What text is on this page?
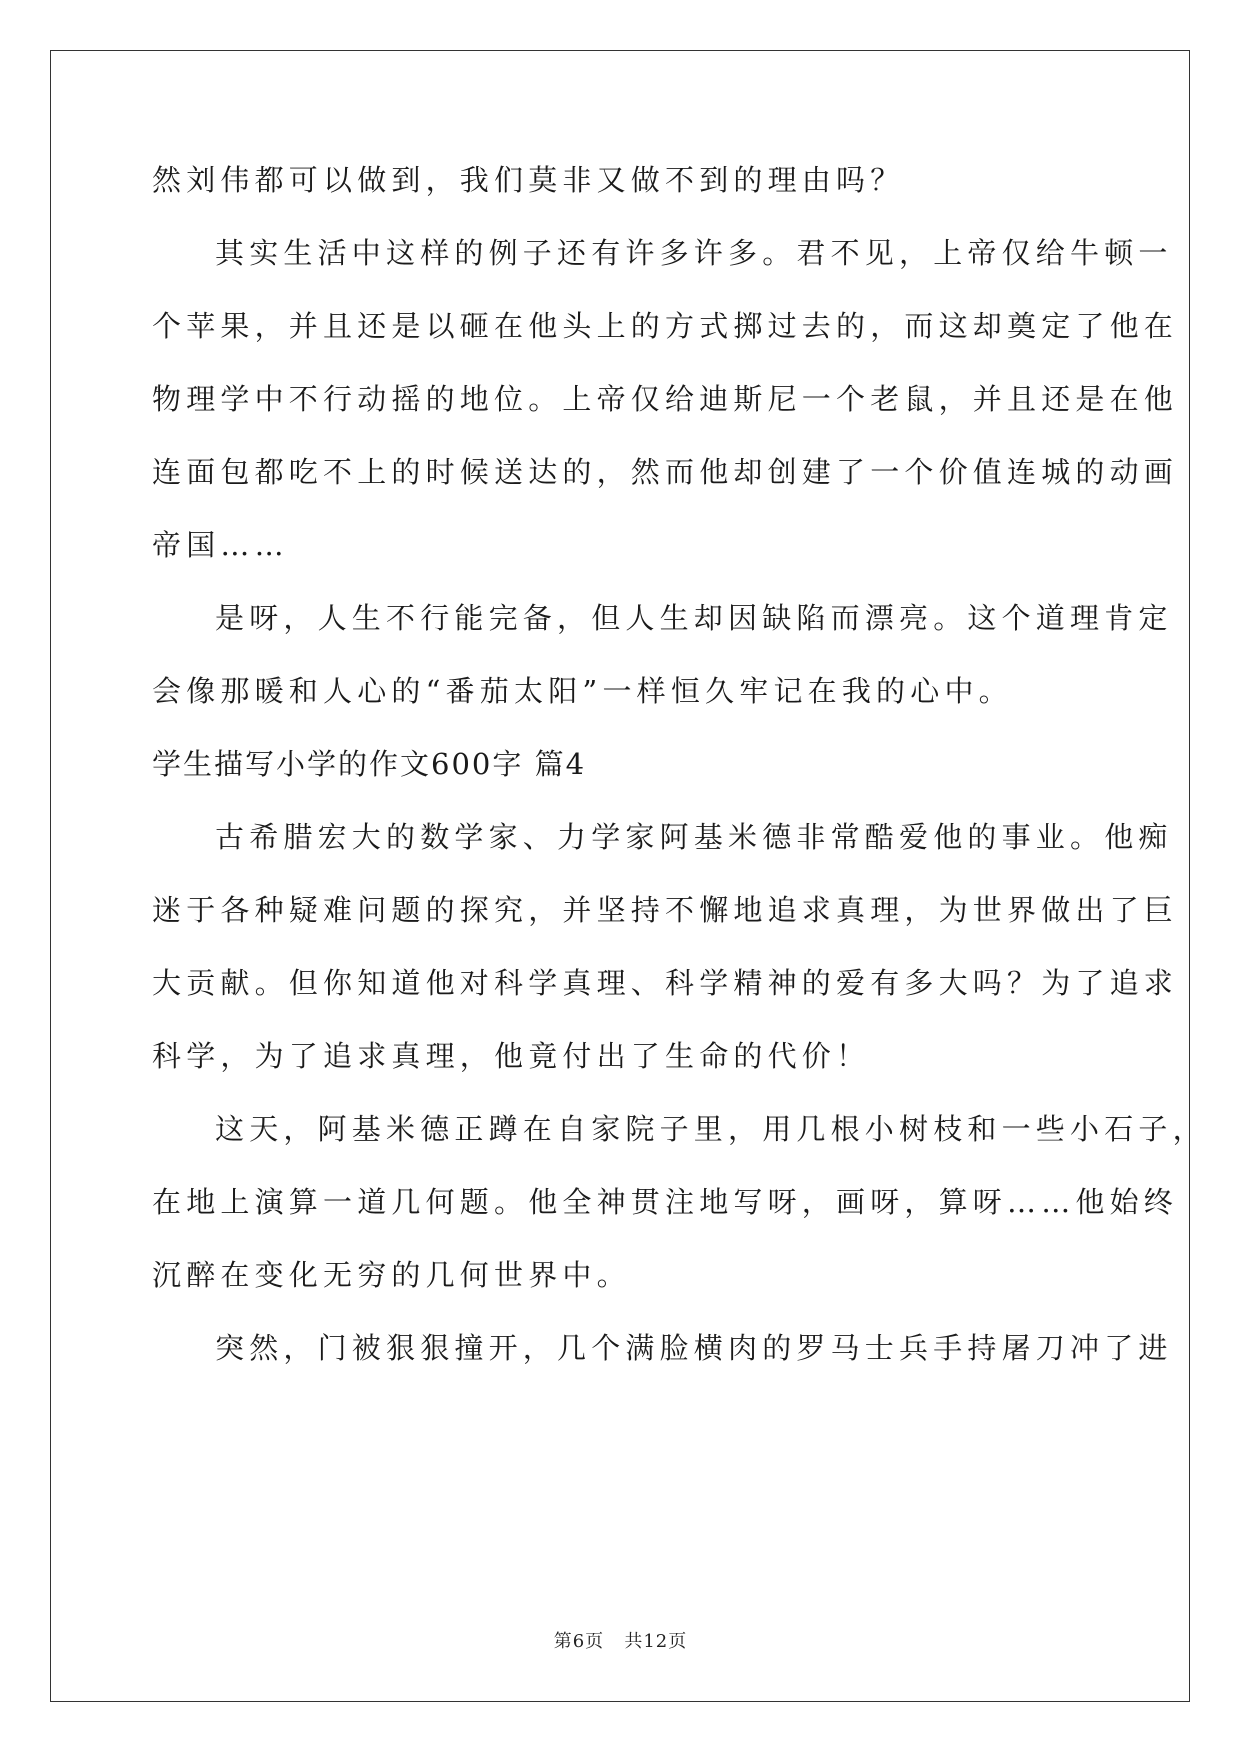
然刘伟都可以做到，我们莫非又做不到的理由吗？
其实生活中这样的例子还有许多许多。君不见，上帝仅给牛顿一
个苹果，并且还是以砸在他头上的方式掷过去的，而这却奠定了他在
物理学中不行动摇的地位。上帝仅给迪斯尼一个老鼠，并且还是在他
连面包都吃不上的时候送达的，然而他却创建了一个价值连城的动画
帝国……
是呀，人生不行能完备，但人生却因缺陷而漂亮。这个道理肯定
会像那暖和人心的“番茄太阳”一样恒久牢记在我的心中。
学生描写小学的作文600字 篇4
古希腊宏大的数学家、力学家阿基米德非常酷爱他的事业。他痴
迷于各种疑难问题的探究，并坚持不懈地追求真理，为世界做出了巨
大贡献。但你知道他对科学真理、科学精神的爱有多大吗？为了追求
科学，为了追求真理，他竟付出了生命的代价！
这天，阿基米德正蹲在自家院子里，用几根小树枝和一些小石子，
在地上演算一道几何题。他全神贯注地写呀，画呀，算呀……他始终
沉醉在变化无穷的几何世界中。
突然，门被狠狠撞开，几个满脸横肉的罗马士兵手持屠刀冲了进
第6页 共12页
